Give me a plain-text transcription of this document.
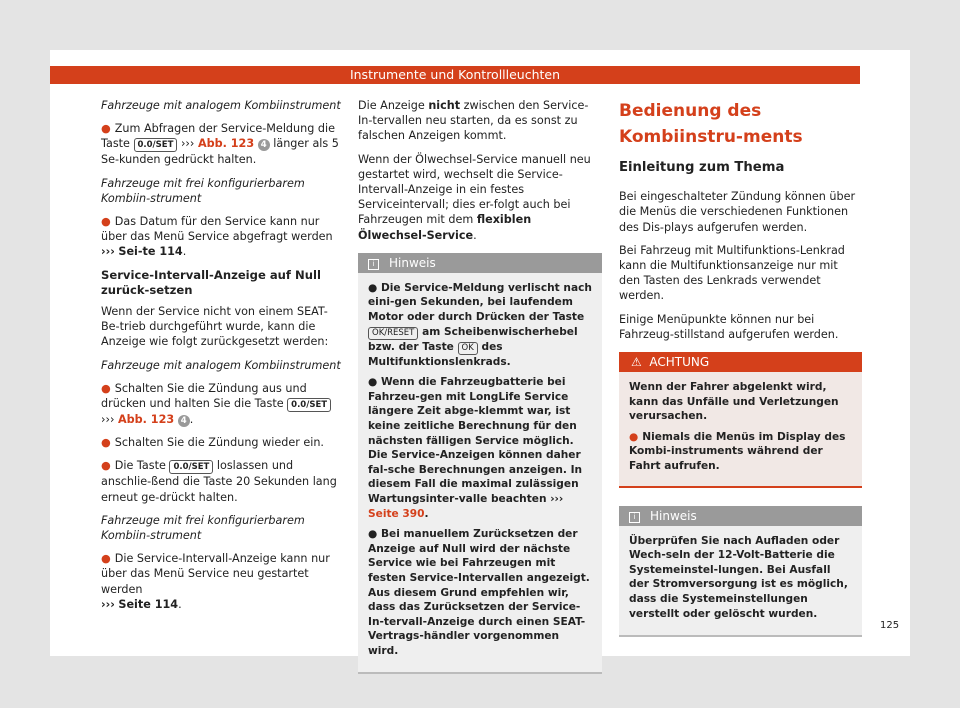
Instrumente und Kontrollleuchten

Fahrzeuge mit analogem Kombiinstrument

● Zum Abfragen der Service-Meldung die Taste 0.0/SET ››› Abb. 123 4 länger als 5 Se-kunden gedrückt halten.

Fahrzeuge mit frei konfigurierbarem Kombiin-strument

● Das Datum für den Service kann nur über das Menü Service abgefragt werden ››› Sei-te 114.

Service-Intervall-Anzeige auf Null zurück-setzen

Wenn der Service nicht von einem SEAT-Be-trieb durchgeführt wurde, kann die Anzeige wie folgt zurückgesetzt werden:

Fahrzeuge mit analogem Kombiinstrument

● Schalten Sie die Zündung aus und drücken und halten Sie die Taste 0.0/SET
››› Abb. 123 4 .

● Schalten Sie die Zündung wieder ein.

● Die Taste 0.0/SET loslassen und anschlie-ßend die Taste 20 Sekunden lang erneut ge-drückt halten.

Fahrzeuge mit frei konfigurierbarem Kombiin-strument

● Die Service-Intervall-Anzeige kann nur über das Menü Service neu gestartet werden
››› Seite 114.

Die Anzeige nicht zwischen den Service-In-tervallen neu starten, da es sonst zu falschen Anzeigen kommt.

Wenn der Ölwechsel-Service manuell neu gestartet wird, wechselt die Service-Intervall-Anzeige in ein festes Serviceintervall; dies er-folgt auch bei Fahrzeugen mit dem flexiblen Ölwechsel-Service.

i Hinweis

● Die Service-Meldung verlischt nach eini-gen Sekunden, bei laufendem Motor oder durch Drücken der Taste OK/RESET am Scheibenwischerhebel bzw. der Taste OK des Multifunktionslenkrads.

● Wenn die Fahrzeugbatterie bei Fahrzeu-gen mit LongLife Service längere Zeit abge-klemmt war, ist keine zeitliche Berechnung für den nächsten fälligen Service möglich. Die Service-Anzeigen können daher fal-sche Berechnungen anzeigen. In diesem Fall die maximal zulässigen Wartungsinter-valle beachten ››› Seite 390.

● Bei manuellem Zurücksetzen der Anzeige auf Null wird der nächste Service wie bei Fahrzeugen mit festen Service-Intervallen angezeigt. Aus diesem Grund empfehlen wir, dass das Zurücksetzen der Service-In-tervall-Anzeige durch einen SEAT-Vertrags-händler vorgenommen wird.

Bedienung des Kombiinstru-ments
Einleitung zum Thema

Bei eingeschalteter Zündung können über die Menüs die verschiedenen Funktionen des Dis-plays aufgerufen werden.

Bei Fahrzeug mit Multifunktions-Lenkrad kann die Multifunktionsanzeige nur mit den Tasten des Lenkrads verwendet werden.

Einige Menüpunkte können nur bei Fahrzeug-stillstand aufgerufen werden.

⚠  ACHTUNG

Wenn der Fahrer abgelenkt wird, kann das Unfälle und Verletzungen verursachen.

● Niemals die Menüs im Display des Kombi-instruments während der Fahrt aufrufen.

i Hinweis

Überprüfen Sie nach Aufladen oder Wech-seln der 12-Volt-Batterie die Systemeinstel-lungen. Bei Ausfall der Stromversorgung ist es möglich, dass die Systemeinstellungen verstellt oder gelöscht wurden.

125
